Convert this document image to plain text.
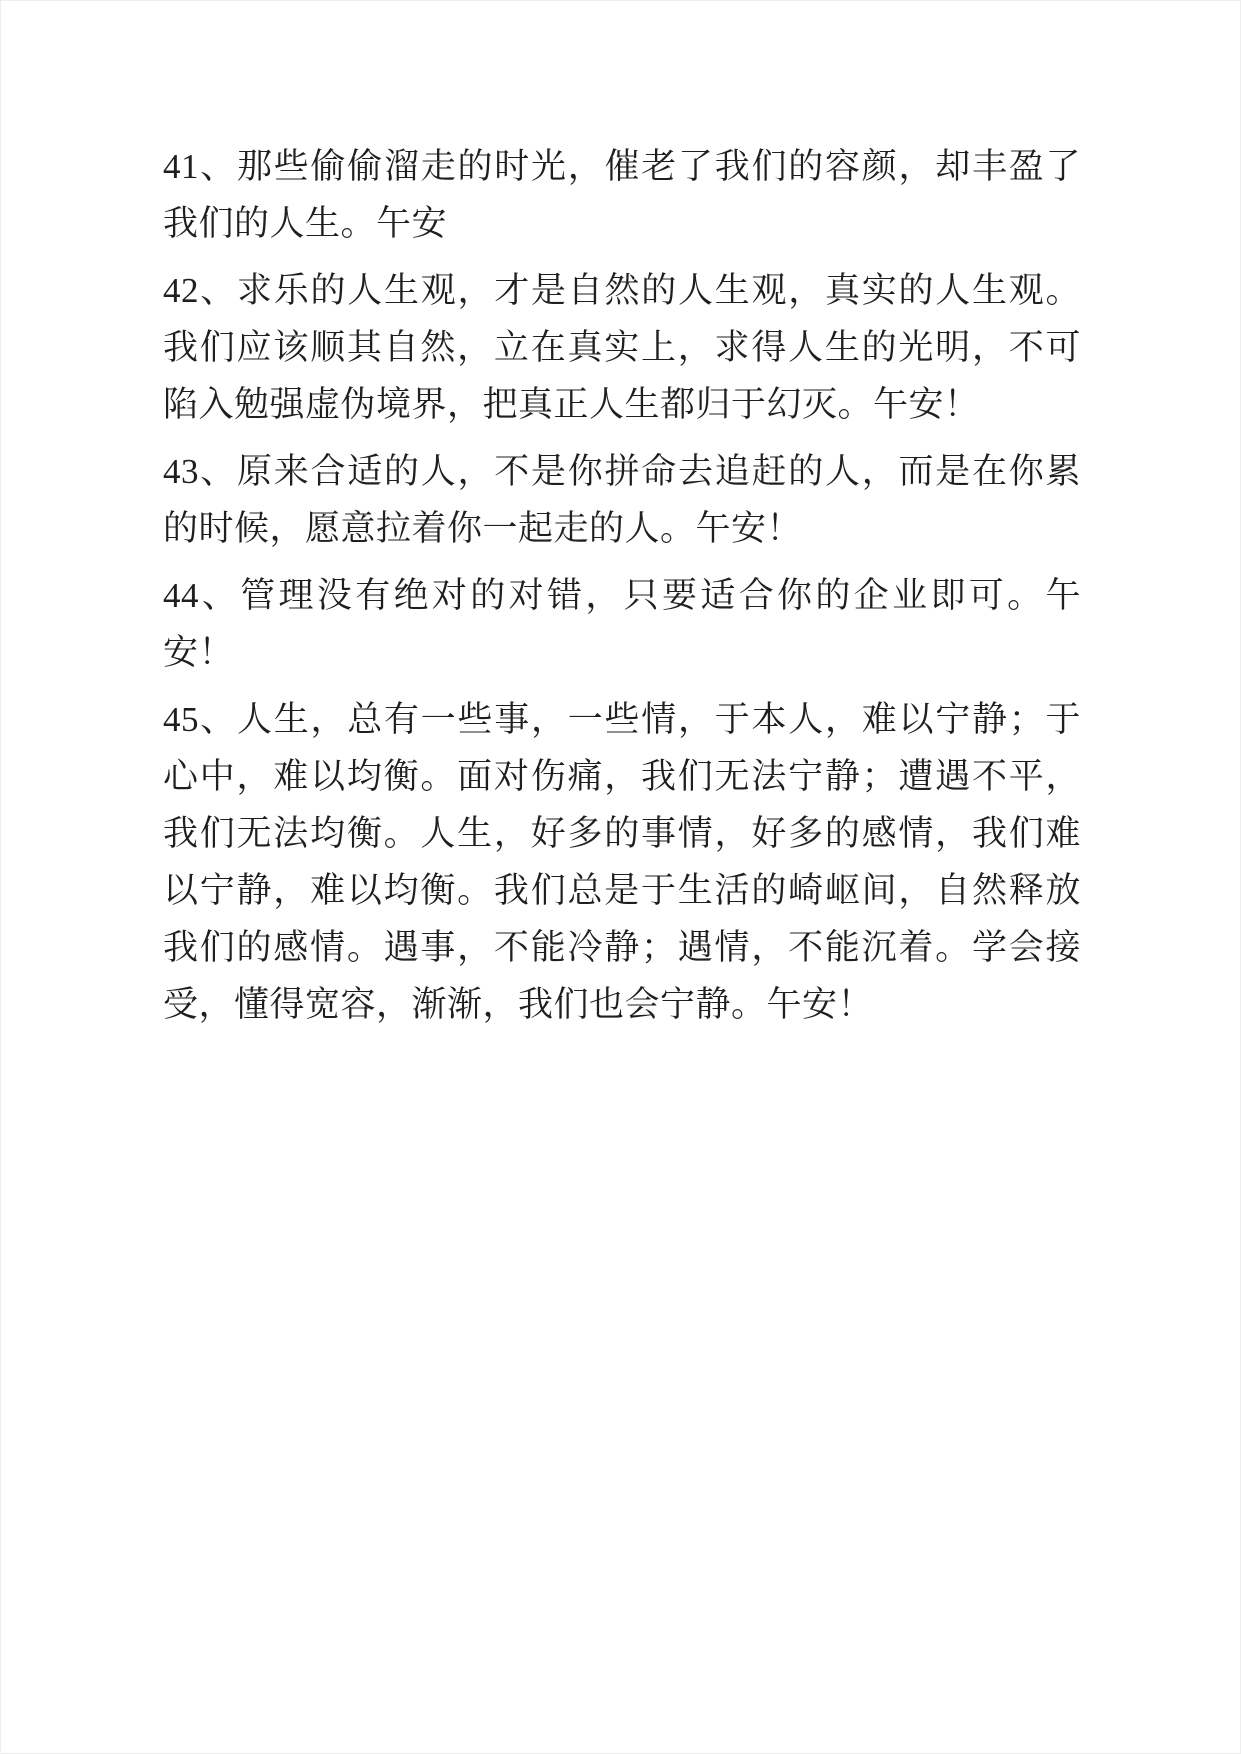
41、那些偷偷溜走的时光，催老了我们的容颜，却丰盈了我们的人生。午安

42、求乐的人生观，才是自然的人生观，真实的人生观。我们应该顺其自然，立在真实上，求得人生的光明，不可陷入勉强虚伪境界，把真正人生都归于幻灭。午安！

43、原来合适的人，不是你拼命去追赶的人，而是在你累的时候，愿意拉着你一起走的人。午安！

44、管理没有绝对的对错，只要适合你的企业即可。午安！

45、人生，总有一些事，一些情，于本人，难以宁静；于心中，难以均衡。面对伤痛，我们无法宁静；遭遇不平，我们无法均衡。人生，好多的事情，好多的感情，我们难以宁静，难以均衡。我们总是于生活的崎岖间，自然释放我们的感情。遇事，不能冷静；遇情，不能沉着。学会接受，懂得宽容，渐渐，我们也会宁静。午安！
